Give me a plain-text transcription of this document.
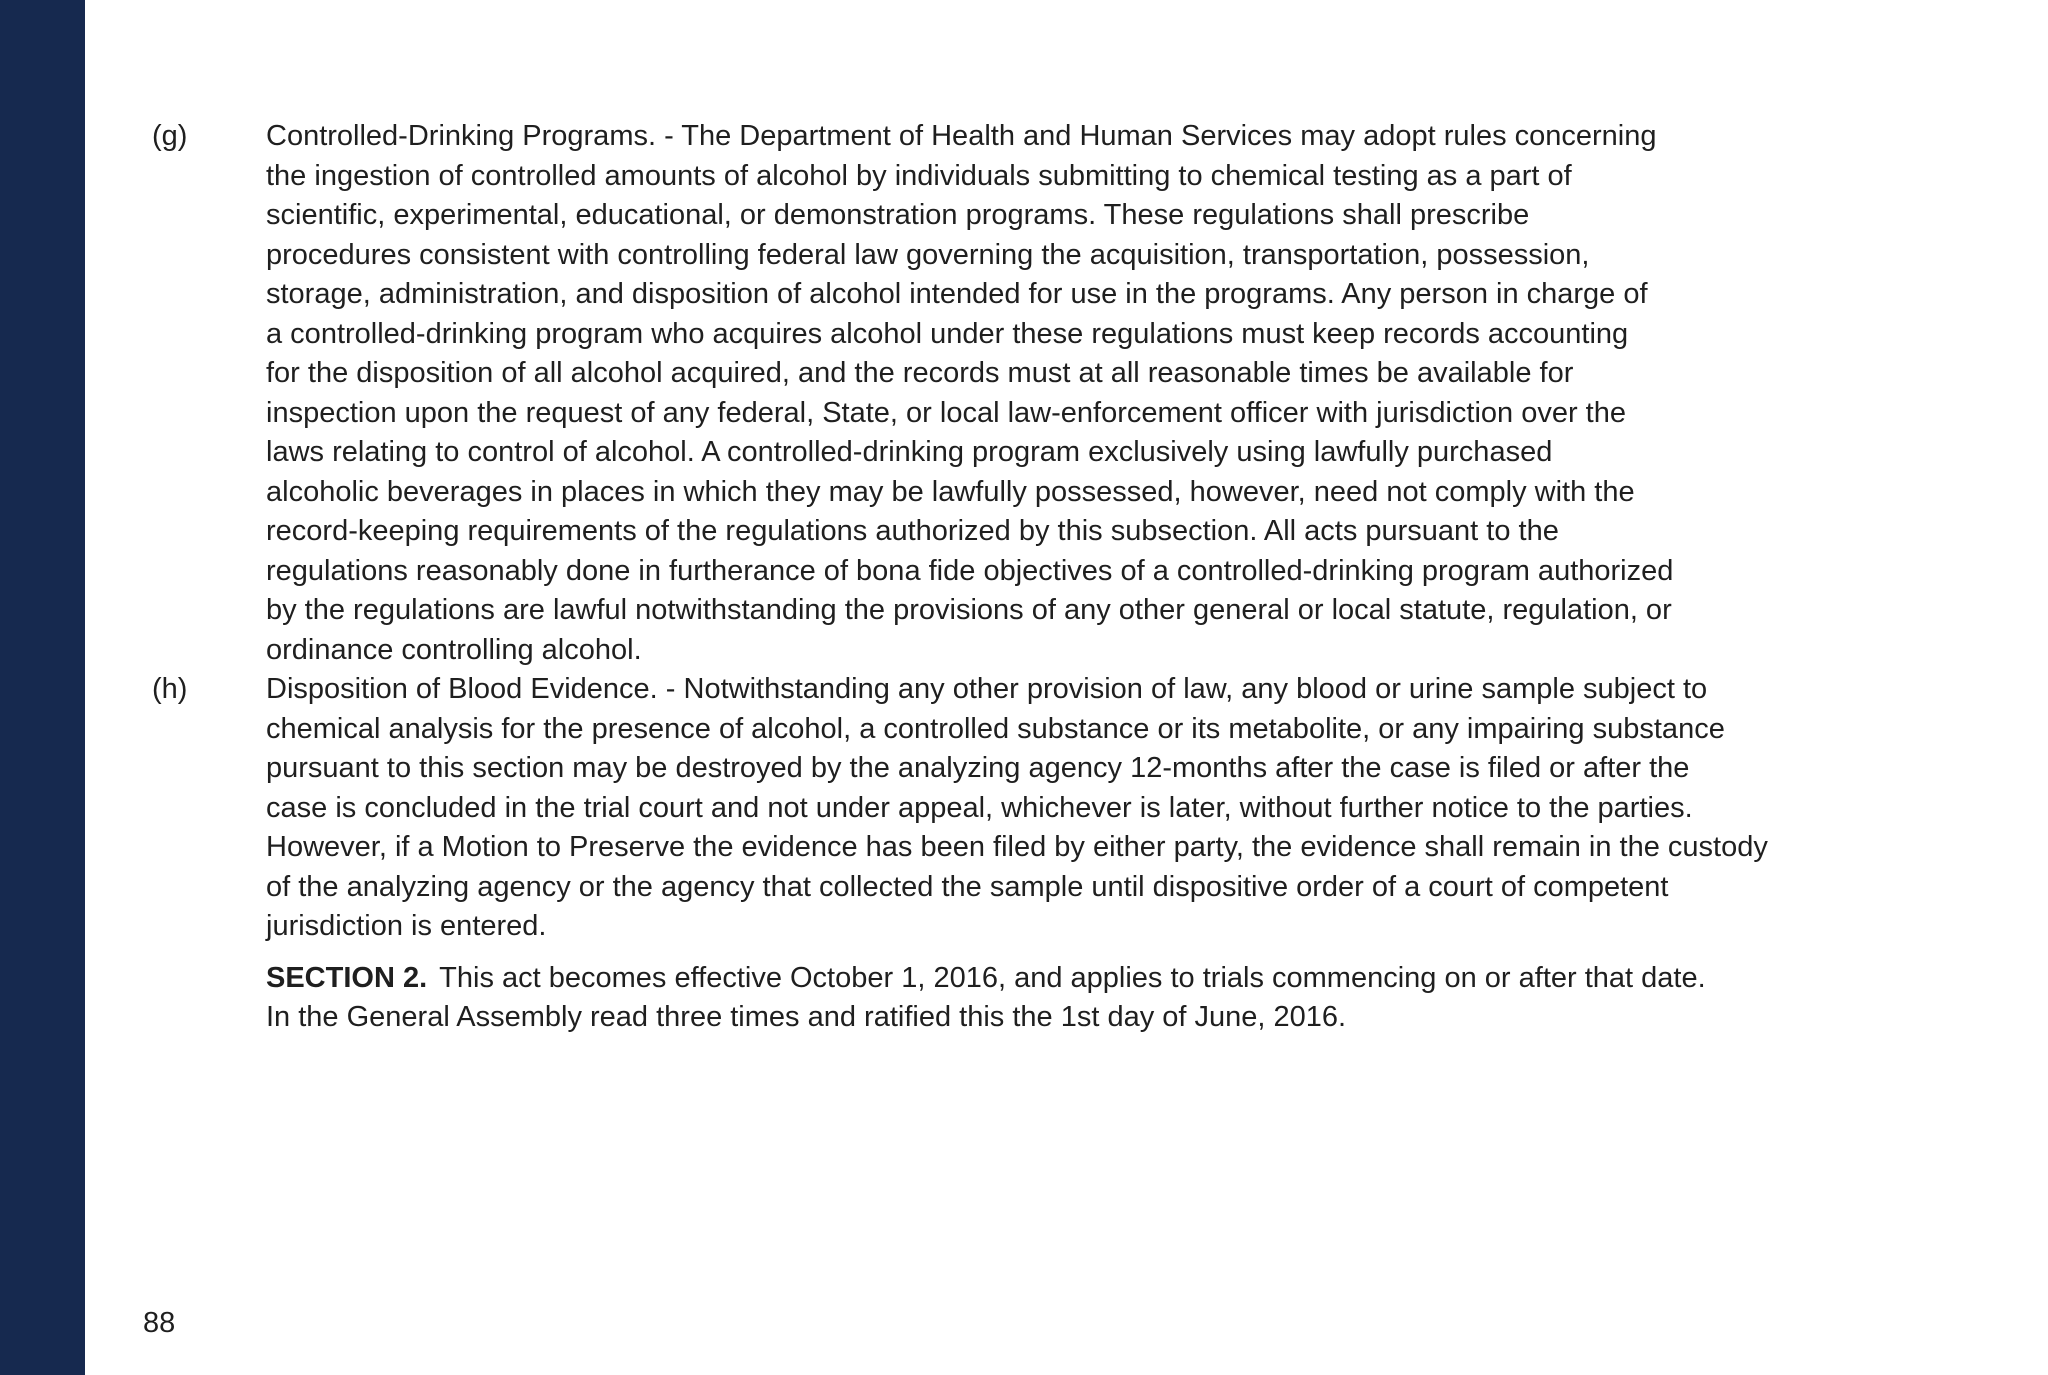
(g)	Controlled-Drinking Programs. - The Department of Health and Human Services may adopt rules concerning
the ingestion of controlled amounts of alcohol by individuals submitting to chemical testing as a part of
scientific, experimental, educational, or demonstration programs. These regulations shall prescribe
procedures consistent with controlling federal law governing the acquisition, transportation, possession,
storage, administration, and disposition of alcohol intended for use in the programs. Any person in charge of
a controlled-drinking program who acquires alcohol under these regulations must keep records accounting
for the disposition of all alcohol acquired, and the records must at all reasonable times be available for
inspection upon the request of any federal, State, or local law-enforcement officer with jurisdiction over the
laws relating to control of alcohol. A controlled-drinking program exclusively using lawfully purchased
alcoholic beverages in places in which they may be lawfully possessed, however, need not comply with the
record-keeping requirements of the regulations authorized by this subsection. All acts pursuant to the
regulations reasonably done in furtherance of bona fide objectives of a controlled-drinking program authorized
by the regulations are lawful notwithstanding the provisions of any other general or local statute, regulation, or
ordinance controlling alcohol.
(h)	Disposition of Blood Evidence. - Notwithstanding any other provision of law, any blood or urine sample subject to
chemical analysis for the presence of alcohol, a controlled substance or its metabolite, or any impairing substance
pursuant to this section may be destroyed by the analyzing agency 12-months after the case is filed or after the
case is concluded in the trial court and not under appeal, whichever is later, without further notice to the parties.
However, if a Motion to Preserve the evidence has been filed by either party, the evidence shall remain in the custody
of the analyzing agency or the agency that collected the sample until dispositive order of a court of competent
jurisdiction is entered.
SECTION 2. This act becomes effective October 1, 2016, and applies to trials commencing on or after that date.
In the General Assembly read three times and ratified this the 1st day of June, 2016.
88
